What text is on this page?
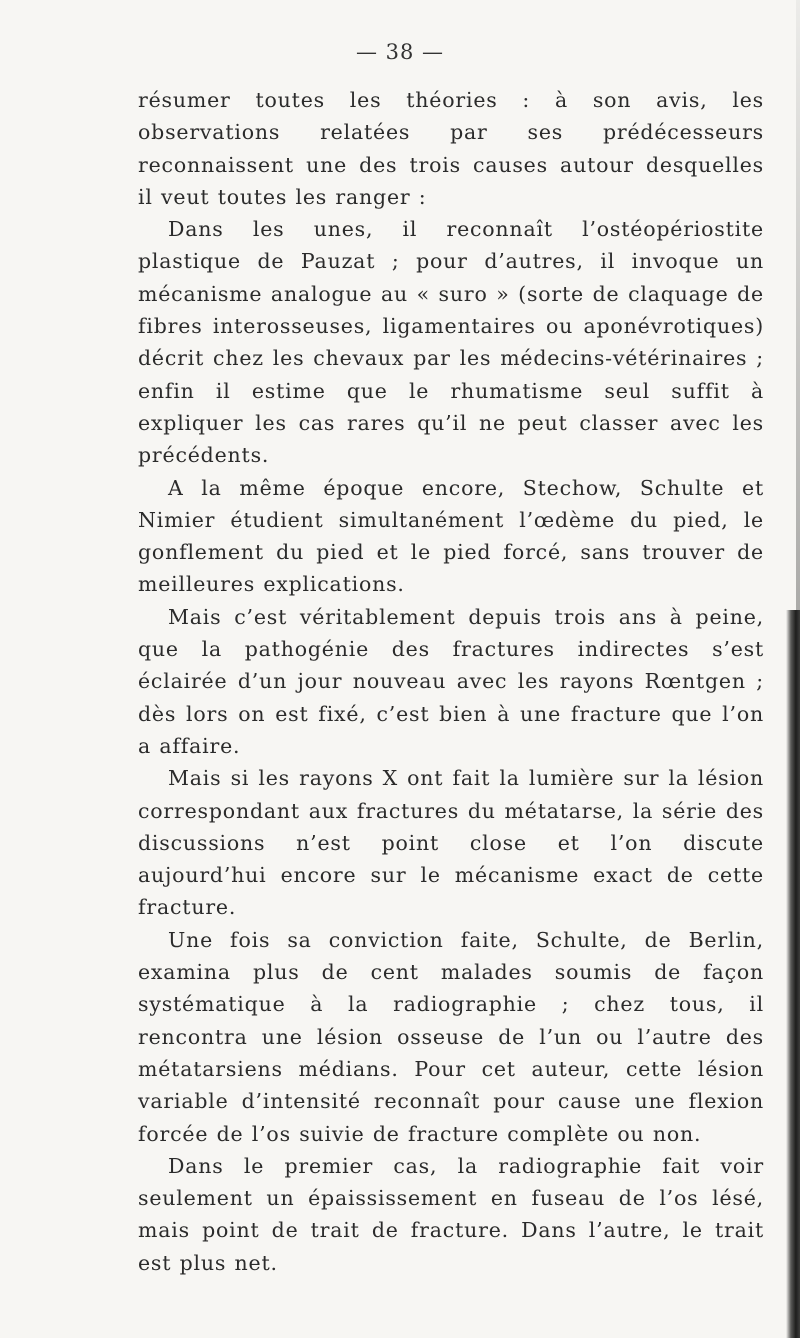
— 38 —

résumer toutes les théories : à son avis, les observations relatées par ses prédécesseurs reconnaissent une des trois causes autour desquelles il veut toutes les ranger :

Dans les unes, il reconnaît l’ostéopériostite plastique de Pauzat ; pour d’autres, il invoque un mécanisme analogue au « suro » (sorte de claquage de fibres interosseuses, ligamentaires ou aponévrotiques) décrit chez les chevaux par les médecins-vétérinaires ; enfin il estime que le rhumatisme seul suffit à expliquer les cas rares qu’il ne peut classer avec les précédents.

A la même époque encore, Stechow, Schulte et Nimier étudient simultanément l’œdème du pied, le gonflement du pied et le pied forcé, sans trouver de meilleures explications.

Mais c’est véritablement depuis trois ans à peine, que la pathogénie des fractures indirectes s’est éclairée d’un jour nouveau avec les rayons Rœntgen ; dès lors on est fixé, c’est bien à une fracture que l’on a affaire.

Mais si les rayons X ont fait la lumière sur la lésion correspondant aux fractures du métatarse, la série des discussions n’est point close et l’on discute aujourd’hui encore sur le mécanisme exact de cette fracture.

Une fois sa conviction faite, Schulte, de Berlin, examina plus de cent malades soumis de façon systématique à la radiographie ; chez tous, il rencontra une lésion osseuse de l’un ou l’autre des métatarsiens médians. Pour cet auteur, cette lésion variable d’intensité reconnaît pour cause une flexion forcée de l’os suivie de fracture complète ou non.

Dans le premier cas, la radiographie fait voir seulement un épaississement en fuseau de l’os lésé, mais point de trait de fracture. Dans l’autre, le trait est plus net.
